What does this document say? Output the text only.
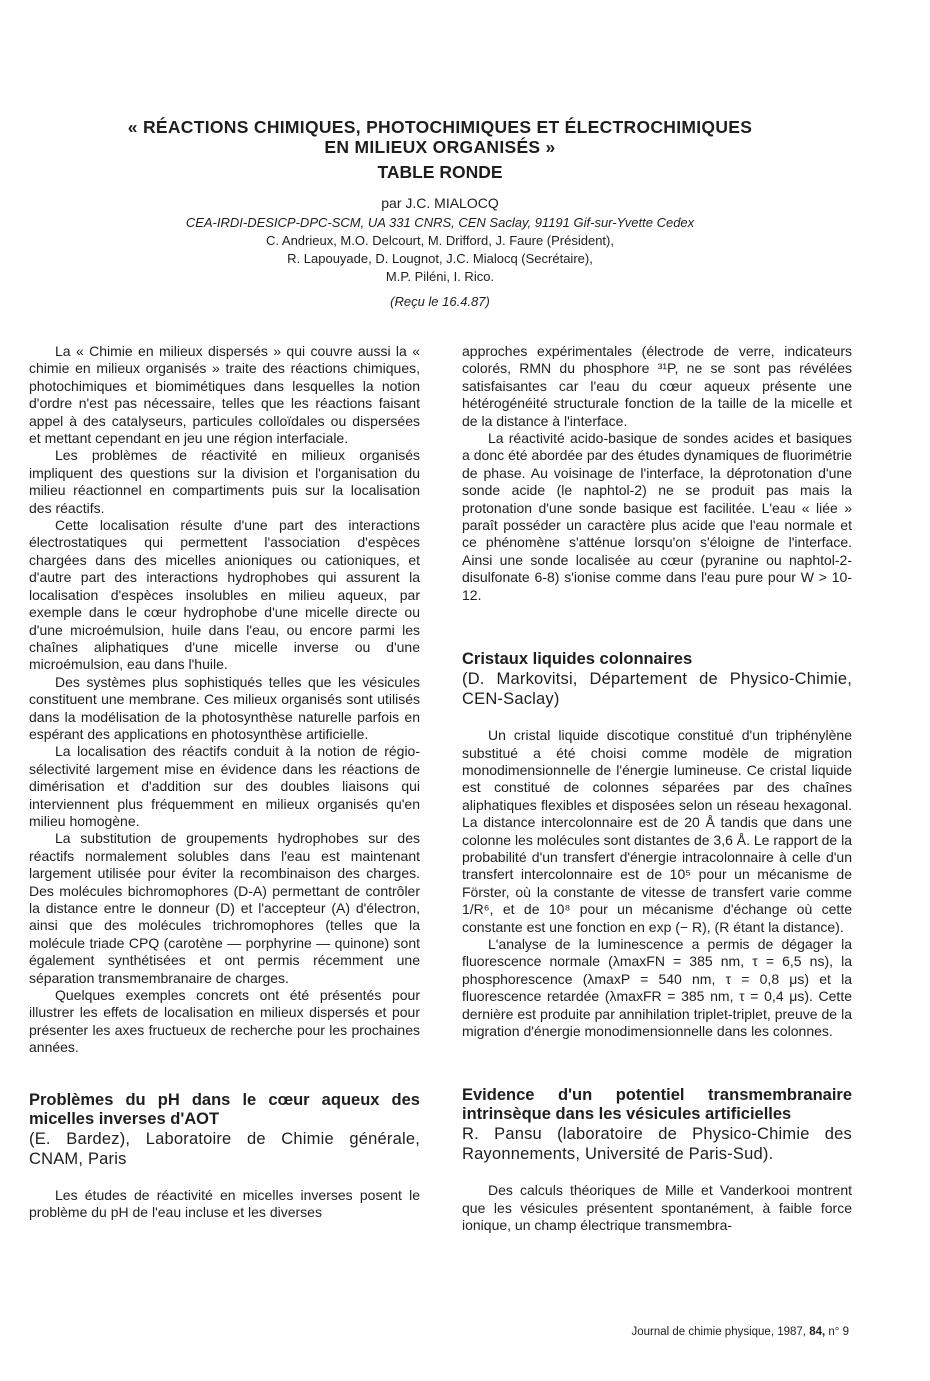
« RÉACTIONS CHIMIQUES, PHOTOCHIMIQUES ET ÉLECTROCHIMIQUES
EN MILIEUX ORGANISÉS »
TABLE RONDE
par J.C. MIALOCQ
CEA-IRDI-DESICP-DPC-SCM, UA 331 CNRS, CEN Saclay, 91191 Gif-sur-Yvette Cedex
C. Andrieux, M.O. Delcourt, M. Drifford, J. Faure (Président),
R. Lapouyade, D. Lougnot, J.C. Mialocq (Secrétaire),
M.P. Piléni, I. Rico.
(Reçu le 16.4.87)

La « Chimie en milieux dispersés » qui couvre aussi la « chimie en milieux organisés » traite des réactions chimiques, photochimiques et biomimétiques dans lesquelles la notion d'ordre n'est pas nécessaire, telles que les réactions faisant appel à des catalyseurs, particules colloïdales ou dispersées et mettant cependant en jeu une région interfaciale.

Les problèmes de réactivité en milieux organisés impliquent des questions sur la division et l'organisation du milieu réactionnel en compartiments puis sur la localisation des réactifs.

Cette localisation résulte d'une part des interactions électrostatiques qui permettent l'association d'espèces chargées dans des micelles anioniques ou cationiques, et d'autre part des interactions hydrophobes qui assurent la localisation d'espèces insolubles en milieu aqueux, par exemple dans le cœur hydrophobe d'une micelle directe ou d'une microémulsion, huile dans l'eau, ou encore parmi les chaînes aliphatiques d'une micelle inverse ou d'une microémulsion, eau dans l'huile.

Des systèmes plus sophistiqués telles que les vésicules constituent une membrane. Ces milieux organisés sont utilisés dans la modélisation de la photosynthèse naturelle parfois en espérant des applications en photosynthèse artificielle.

La localisation des réactifs conduit à la notion de régio-sélectivité largement mise en évidence dans les réactions de dimérisation et d'addition sur des doubles liaisons qui interviennent plus fréquemment en milieux organisés qu'en milieu homogène.

La substitution de groupements hydrophobes sur des réactifs normalement solubles dans l'eau est maintenant largement utilisée pour éviter la recombinaison des charges. Des molécules bichromophores (D-A) permettant de contrôler la distance entre le donneur (D) et l'accepteur (A) d'électron, ainsi que des molécules trichromophores (telles que la molécule triade CPQ (carotène — porphyrine — quinone) sont également synthétisées et ont permis récemment une séparation transmembranaire de charges.

Quelques exemples concrets ont été présentés pour illustrer les effets de localisation en milieux dispersés et pour présenter les axes fructueux de recherche pour les prochaines années.

Problèmes du pH dans le cœur aqueux des micelles inverses d'AOT

(E. Bardez), Laboratoire de Chimie générale, CNAM, Paris

Les études de réactivité en micelles inverses posent le problème du pH de l'eau incluse et les diverses

approches expérimentales (électrode de verre, indicateurs colorés, RMN du phosphore ³¹P, ne se sont pas révélées satisfaisantes car l'eau du cœur aqueux présente une hétérogénéité structurale fonction de la taille de la micelle et de la distance à l'interface.

La réactivité acido-basique de sondes acides et basiques a donc été abordée par des études dynamiques de fluorimétrie de phase. Au voisinage de l'interface, la déprotonation d'une sonde acide (le naphtol-2) ne se produit pas mais la protonation d'une sonde basique est facilitée. L'eau « liée » paraît posséder un caractère plus acide que l'eau normale et ce phénomène s'atténue lorsqu'on s'éloigne de l'interface. Ainsi une sonde localisée au cœur (pyranine ou naphtol-2-disulfonate 6-8) s'ionise comme dans l'eau pure pour W > 10-12.

Cristaux liquides colonnaires

(D. Markovitsi, Département de Physico-Chimie, CEN-Saclay)

Un cristal liquide discotique constitué d'un triphénylène substitué a été choisi comme modèle de migration monodimensionnelle de l'énergie lumineuse. Ce cristal liquide est constitué de colonnes séparées par des chaînes aliphatiques flexibles et disposées selon un réseau hexagonal. La distance intercolonnaire est de 20 Å tandis que dans une colonne les molécules sont distantes de 3,6 Å. Le rapport de la probabilité d'un transfert d'énergie intracolonnaire à celle d'un transfert intercolonnaire est de 10⁵ pour un mécanisme de Förster, où la constante de vitesse de transfert varie comme 1/R⁶, et de 10⁸ pour un mécanisme d'échange où cette constante est une fonction en exp (− R), (R étant la distance).

L'analyse de la luminescence a permis de dégager la fluorescence normale (λmaxFN = 385 nm, τ = 6,5 ns), la phosphorescence (λmaxP = 540 nm, τ = 0,8 μs) et la fluorescence retardée (λmaxFR = 385 nm, τ = 0,4 μs). Cette dernière est produite par annihilation triplet-triplet, preuve de la migration d'énergie monodimensionnelle dans les colonnes.

Evidence d'un potentiel transmembranaire intrinsèque dans les vésicules artificielles

R. Pansu (laboratoire de Physico-Chimie des Rayonnements, Université de Paris-Sud).

Des calculs théoriques de Mille et Vanderkooi montrent que les vésicules présentent spontanément, à faible force ionique, un champ électrique transmembra-

Journal de chimie physique, 1987, 84, n° 9
